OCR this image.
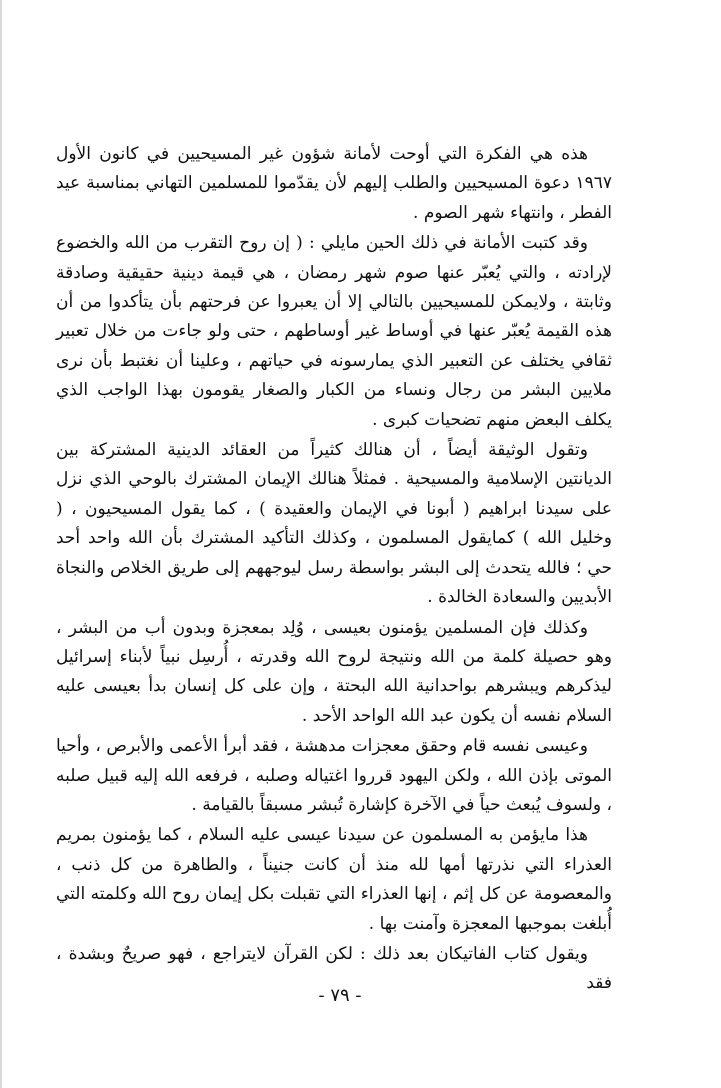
هذه هي الفكرة التي أوحت لأمانة شؤون غير المسيحيين في كانون الأول ١٩٦٧ دعوة المسيحيين والطلب إليهم لأن يقدّموا للمسلمين التهاني بمناسبة عيد الفطر ، وانتهاء شهر الصوم .

وقد كتبت الأمانة في ذلك الحين مايلي : ( إن روح التقرب من الله والخضوع لإرادته ، والتي يُعبّر عنها صوم شهر رمضان ، هي قيمة دينية حقيقية وصادقة وثابتة ، ولايمكن للمسيحيين بالتالي إلا أن يعبروا عن فرحتهم بأن يتأكدوا من أن هذه القيمة يُعبّر عنها في أوساط غير أوساطهم ، حتى ولو جاءت من خلال تعبير ثقافي يختلف عن التعبير الذي يمارسونه في حياتهم ، وعلينا أن نغتبط بأن نرى ملايين البشر من رجال ونساء من الكبار والصغار يقومون بهذا الواجب الذي يكلف البعض منهم تضحيات كبرى .

وتقول الوثيقة أيضاً ، أن هنالك كثيراً من العقائد الدينية المشتركة بين الديانتين الإسلامية والمسيحية . فمثلاً هنالك الإيمان المشترك بالوحي الذي نزل على سيدنا ابراهيم ( أبونا في الإيمان والعقيدة ) ، كما يقول المسيحيون ، ( وخليل الله ) كمايقول المسلمون ، وكذلك التأكيد المشترك بأن الله واحد أحد حي ؛ فالله يتحدث إلى البشر بواسطة رسل ليوجههم إلى طريق الخلاص والنجاة الأبديين والسعادة الخالدة .

وكذلك فإن المسلمين يؤمنون بعيسى ، وُلِد بمعجزة وبدون أب من البشر ، وهو حصيلة كلمة من الله ونتيجة لروح الله وقدرته ، أُرسِل نبياً لأبناء إسرائيل ليذكرهم ويبشرهم بواحدانية الله البحتة ، وإن على كل إنسان بدأ بعيسى عليه السلام نفسه أن يكون عبد الله الواحد الأحد .

وعيسى نفسه قام وحقق معجزات مدهشة ، فقد أبرأ الأعمى والأبرص ، وأحيا الموتى بإذن الله ، ولكن اليهود قرروا اغتياله وصلبه ، فرفعه الله إليه قبيل صلبه ، ولسوف يُبعث حياً في الآخرة كإشارة تُبشر مسبقاً بالقيامة .

هذا مايؤمن به المسلمون عن سيدنا عيسى عليه السلام ، كما يؤمنون بمريم العذراء التي نذرتها أمها لله منذ أن كانت جنيناً ، والطاهرة من كل ذنب ، والمعصومة عن كل إثم ، إنها العذراء التي تقبلت بكل إيمان روح الله وكلمته التي أُبلغت بموجبها المعجزة وآمنت بها .

ويقول كتاب الفاتيكان بعد ذلك : لكن القرآن لايتراجع ، فهو صريحٌ وبشدة ، فقد

- ٧٩ -
